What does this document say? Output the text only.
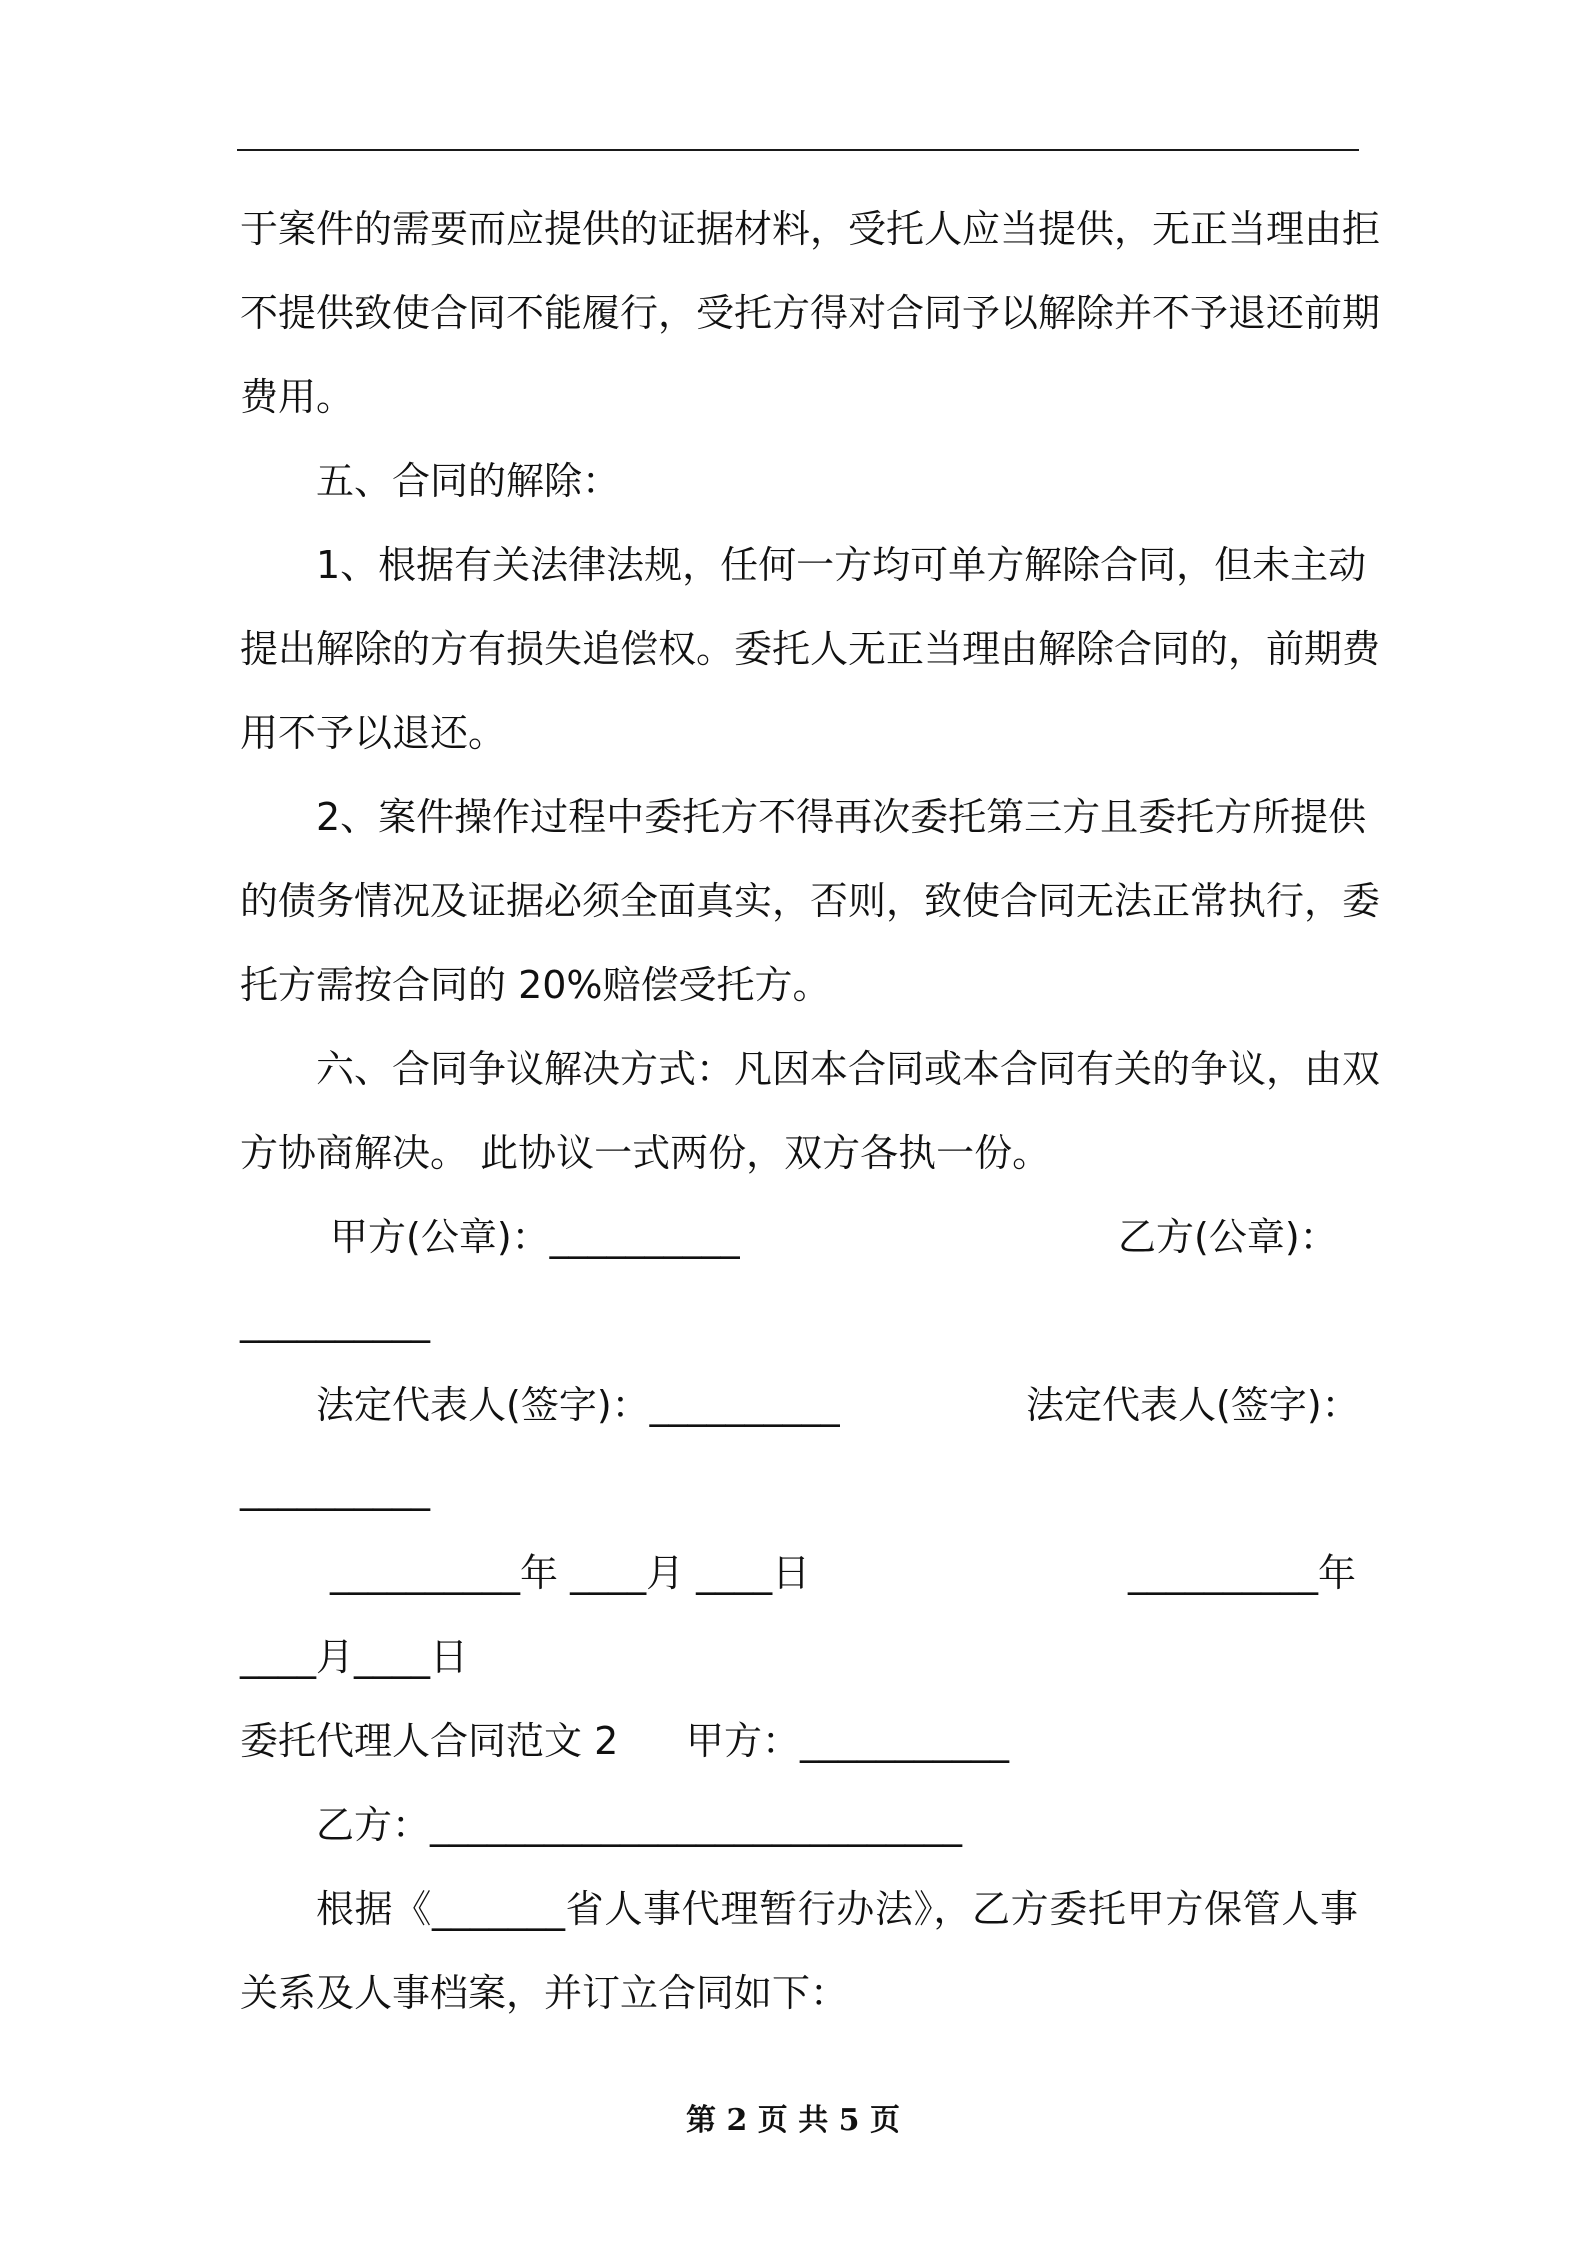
于案件的需要而应提供的证据材料，受托人应当提供，无正当理由拒
不提供致使合同不能履行，受托方得对合同予以解除并不予退还前期
费用。
五、合同的解除：
1、根据有关法律法规，任何一方均可单方解除合同，但未主动
提出解除的方有损失追偿权。委托人无正当理由解除合同的，前期费
用不予以退还。
2、案件操作过程中委托方不得再次委托第三方且委托方所提供
的债务情况及证据必须全面真实，否则，致使合同无法正常执行，委
托方需按合同的 20%赔偿受托方。
六、合同争议解决方式：凡因本合同或本合同有关的争议，由双
方协商解决。 此协议一式两份，双方各执一份。
甲方(公章)：__________	乙方(公章)：
__________
法定代表人(签字)：__________	法定代表人(签字)：
__________
__________年 ____月 ____日	__________年
____月____日
委托代理人合同范文 2 甲方：___________
乙方：____________________________
根据《_______省人事代理暂行办法》，乙方委托甲方保管人事
关系及人事档案，并订立合同如下：
第 2 页 共 5 页
